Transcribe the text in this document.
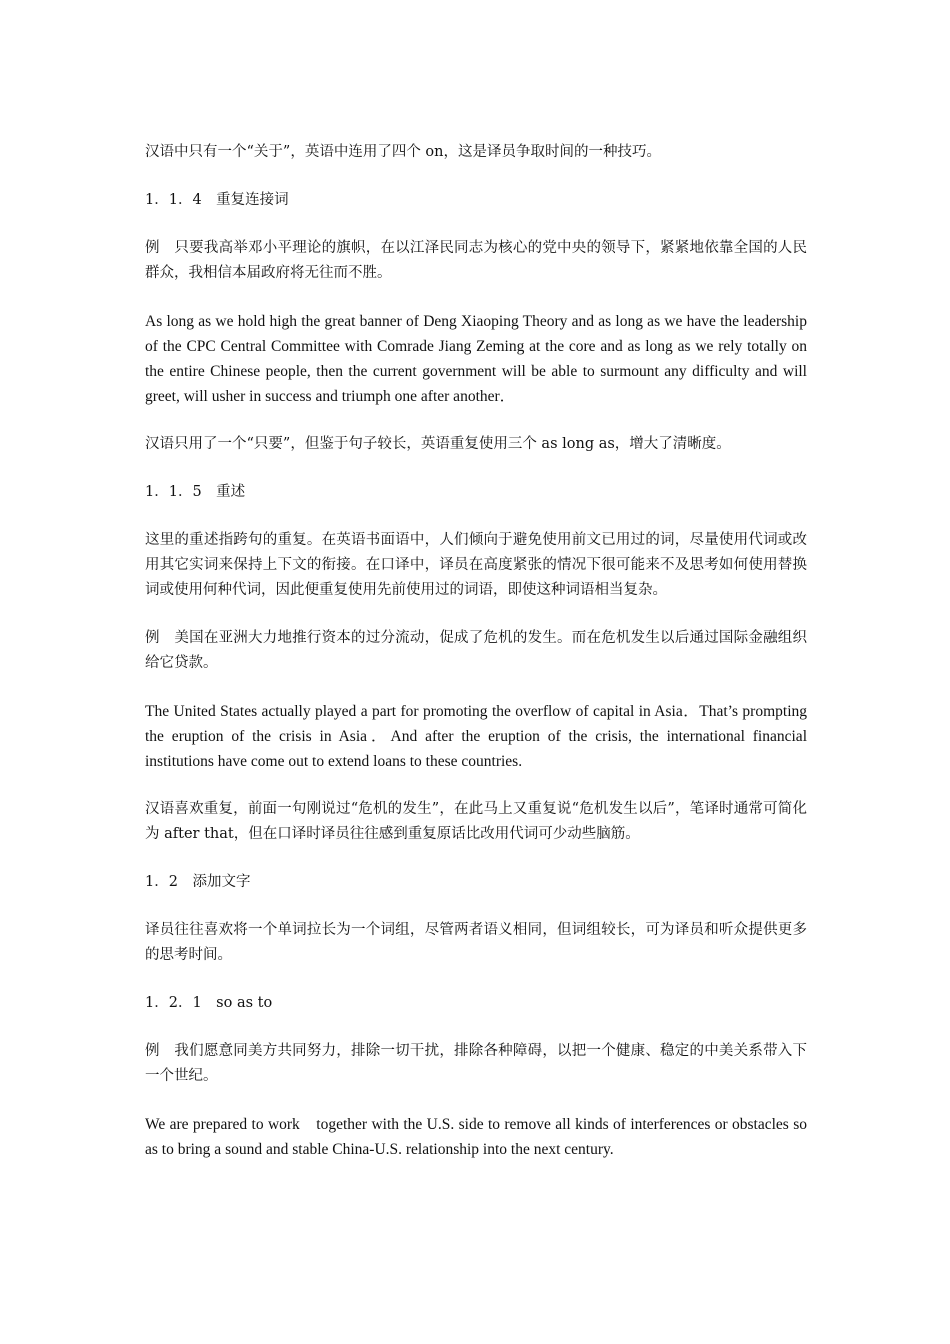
汉语中只有一个“关于”，英语中连用了四个 on，这是译员争取时间的一种技巧。

1．1．4　重复连接词

例　只要我高举邓小平理论的旗帜，在以江泽民同志为核心的党中央的领导下，紧紧地依靠全国的人民群众，我相信本届政府将无往而不胜。

As long as we hold high the great banner of Deng Xiaoping Theory and as long as we have the leadership of the CPC Central Committee with Comrade Jiang Zeming at the core and as long as we rely totally on the entire Chinese people, then the current government will be able to surmount any difficulty and will greet, will usher in success and triumph one after another．

汉语只用了一个“只要”，但鉴于句子较长，英语重复使用三个 as long as，增大了清晰度。

1．1．5　重述

这里的重述指跨句的重复。在英语书面语中，人们倾向于避免使用前文已用过的词，尽量使用代词或改用其它实词来保持上下文的衔接。在口译中，译员在高度紧张的情况下很可能来不及思考如何使用替换词或使用何种代词，因此便重复使用先前使用过的词语，即使这种词语相当复杂。

例　美国在亚洲大力地推行资本的过分流动，促成了危机的发生。而在危机发生以后通过国际金融组织给它贷款。

The United States actually played a part for promoting the overflow of capital in Asia．That’s prompting the eruption of the crisis in Asia．And after the eruption of the crisis, the international financial institutions have come out to extend loans to these countries.

汉语喜欢重复，前面一句刚说过“危机的发生”，在此马上又重复说“危机发生以后”，笔译时通常可简化为 after that，但在口译时译员往往感到重复原话比改用代词可少动些脑筋。

1．2　添加文字

译员往往喜欢将一个单词拉长为一个词组，尽管两者语义相同，但词组较长，可为译员和听众提供更多的思考时间。

1．2．1　so as to

例　我们愿意同美方共同努力，排除一切干扰，排除各种障碍，以把一个健康、稳定的中美关系带入下一个世纪。

We are prepared to work　together with the U.S. side to remove all kinds of interferences or obstacles so as to bring a sound and stable China-U.S. relationship into the next century.
